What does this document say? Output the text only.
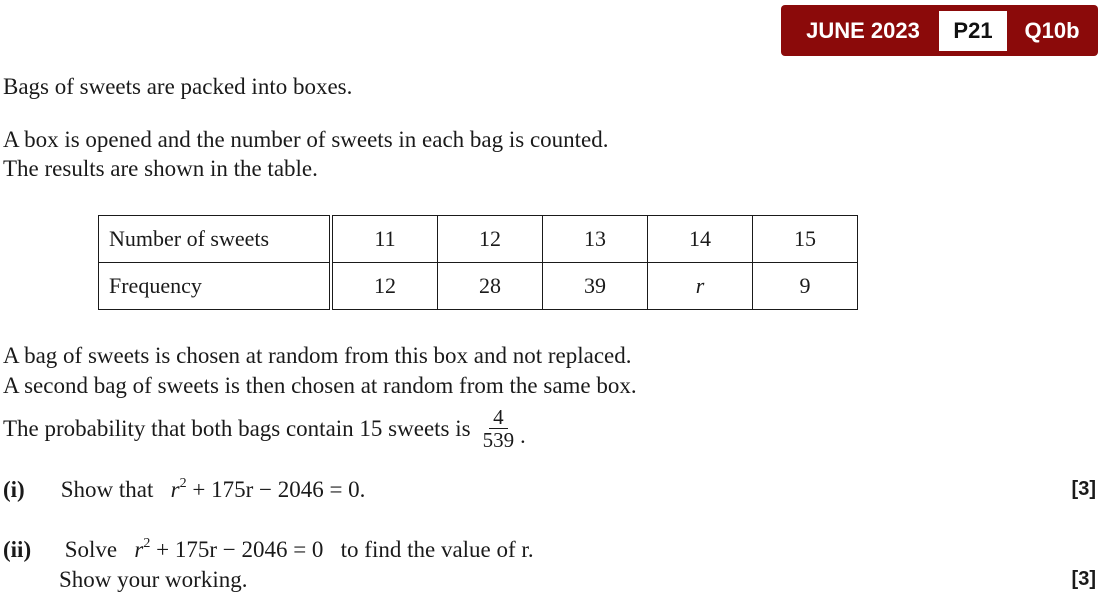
JUNE 2023	P21	Q10b
Bags of sweets are packed into boxes.
A box is opened and the number of sweets in each bag is counted.
The results are shown in the table.
Number of sweets	11	12	13	14	15
Frequency	12	28	39	r	9
A bag of sweets is chosen at random from this box and not replaced.
A second bag of sweets is then chosen at random from the same box.
The probability that both bags contain 15 sweets is $\frac{4}{539}$ .
(i) Show that $r^2 + 175r - 2046 = 0$.	[3]
(ii) Solve $r^2 + 175r - 2046 = 0$ to find the value of r.
Show your working.	[3]
